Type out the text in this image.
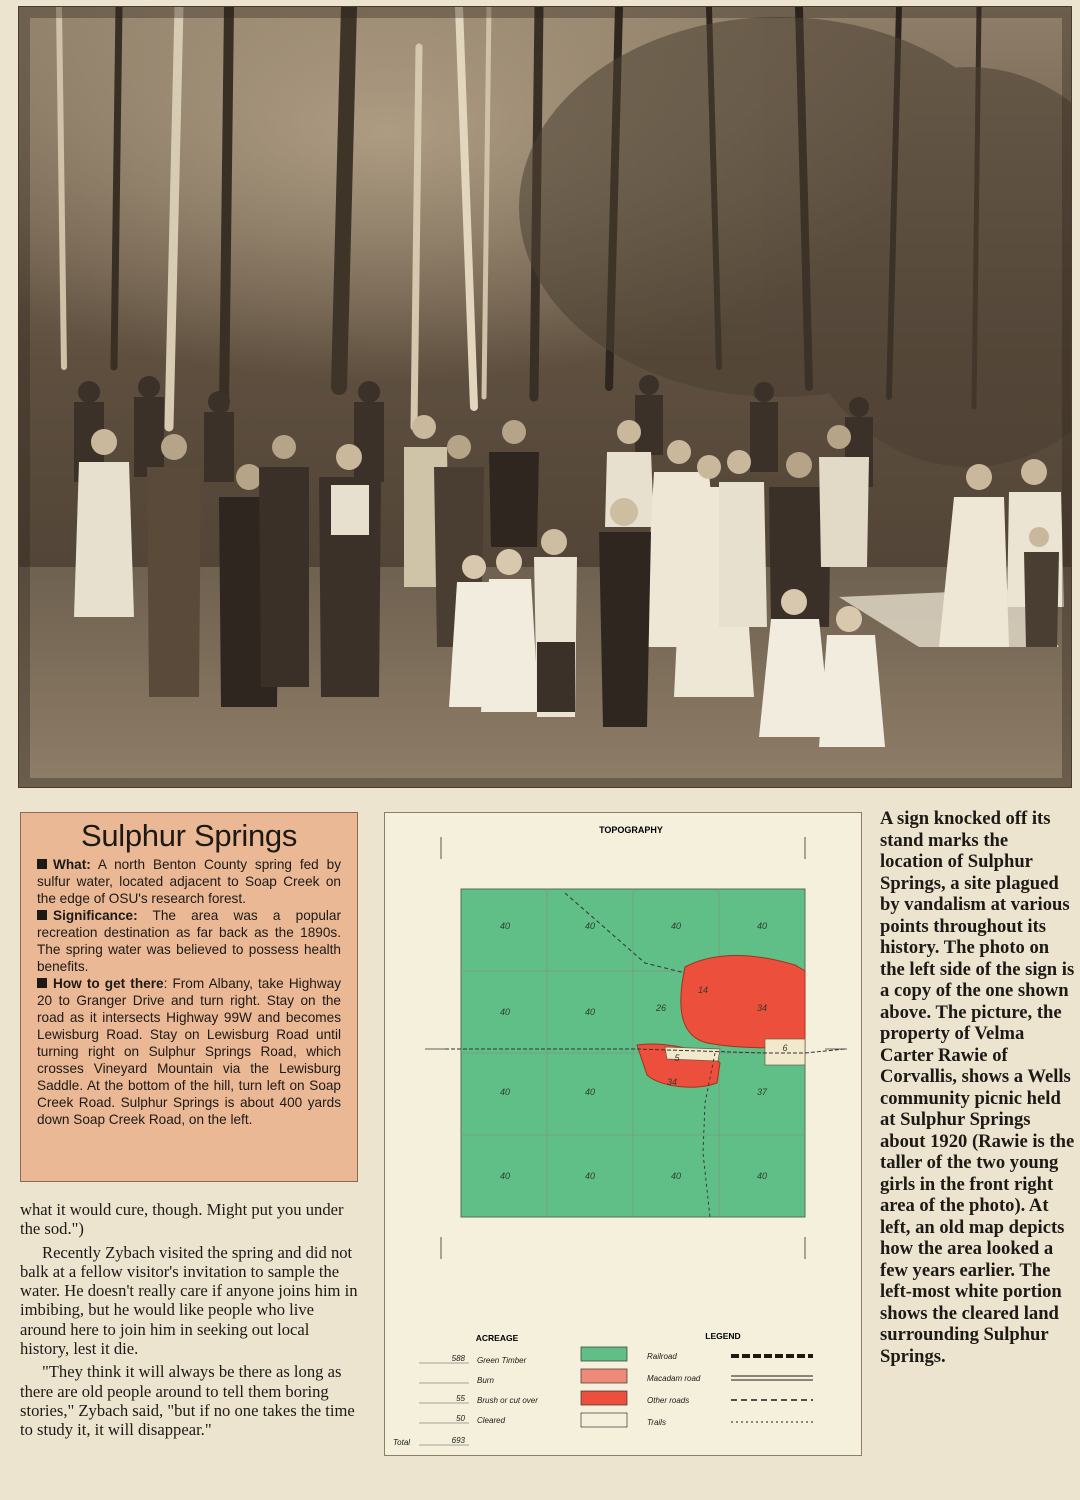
Sulphur Springs

What: A north Benton County spring fed by sulfur water, located adjacent to Soap Creek on the edge of OSU's research forest.

Significance: The area was a popular recreation destination as far back as the 1890s. The spring water was believed to possess health benefits.

How to get there: From Albany, take Highway 20 to Granger Drive and turn right. Stay on the road as it intersects Highway 99W and becomes Lewisburg Road. Stay on Lewisburg Road until turning right on Sulphur Springs Road, which crosses Vineyard Mountain via the Lewisburg Saddle. At the bottom of the hill, turn left on Soap Creek Road. Sulphur Springs is about 400 yards down Soap Creek Road, on the left.

what it would cure, though. Might put you under the sod.")

Recently Zybach visited the spring and did not balk at a fellow visitor's invitation to sample the water. He doesn't really care if anyone joins him in imbibing, but he would like people who live around here to join him in seeking out local history, lest it die.

"They think it will always be there as long as there are old people around to tell them boring stories," Zybach said, "but if no one takes the time to study it, it will disappear."

TOPOGRAPHY
40	40	40	40
40	40	26	34
40	40
34
37
40	40	40	40
14
5
6
ACREAGE
588 Green Timber
Burn
55 Brush or cut over
50 Cleared
Total	693
LEGEND
Railroad
Macadam road
Other roads
Trails
A sign knocked off its stand marks the location of Sulphur Springs, a site plagued by vandalism at various points throughout its history. The photo on the left side of the sign is a copy of the one shown above. The picture, the property of Velma Carter Rawie of Corvallis, shows a Wells community picnic held at Sulphur Springs about 1920 (Rawie is the taller of the two young girls in the front right area of the photo). At left, an old map depicts how the area looked a few years earlier. The left-most white portion shows the cleared land surrounding Sulphur Springs.
